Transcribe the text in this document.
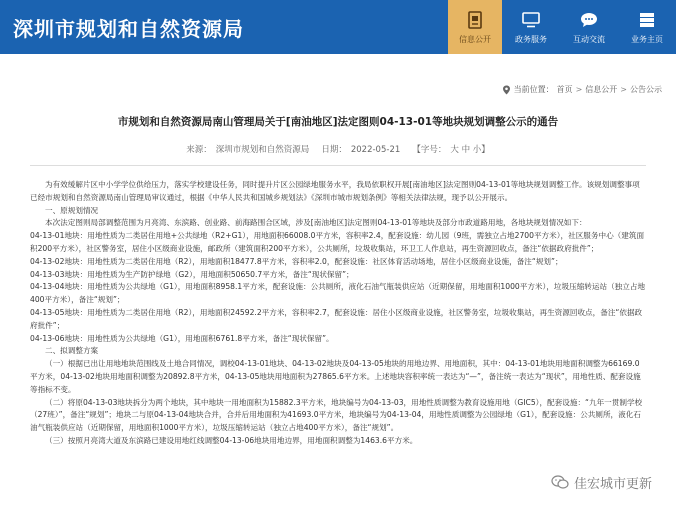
深圳市规划和自然资源局	信息公开	政务服务	互动交流	业务主页
当前位置： 首页 > 信息公开 > 公告公示
市规划和自然资源局南山管理局关于[南油地区]法定图则04-13-01等地块规划调整公示的通告
来源： 深圳市规划和自然资源局 日期： 2022-05-21 【字号： 大 中 小】

为有效缓解片区中小学学位供给压力，落实学校建设任务，同时提升片区公园绿地服务水平，我局依职权开展[南油地区]法定图则04-13-01等地块规划调整工作。该规划调整事项已经市规划和自然资源局南山管理局审议通过，根据《中华人民共和国城乡规划法》《深圳市城市规划条例》等相关法律法规，现予以公开展示。

一、原规划情况

本次法定图则局部调整范围为月亮湾、东滨路、创业路、前海路围合区域，涉及[南油地区]法定图则04-13-01等地块及部分市政道路用地，各地块规划情况如下：

04-13-01地块：用地性质为二类居住用地+公共绿地（R2+G1），用地面积66008.0平方米，容积率2.4，配套设施：幼儿园（9班，需独立占地2700平方米），社区服务中心（建筑面积200平方米），社区警务室，居住小区级商业设施，邮政所（建筑面积200平方米），公共厕所，垃圾收集站，环卫工人作息站，再生资源回收点，备注“依据政府批件”；

04-13-02地块：用地性质为二类居住用地（R2），用地面积18477.8平方米，容积率2.0，配套设施：社区体育活动场地，居住小区级商业设施，备注“规划”；

04-13-03地块：用地性质为生产防护绿地（G2），用地面积50650.7平方米，备注“现状保留”；

04-13-04地块：用地性质为公共绿地（G1），用地面积8958.1平方米，配套设施：公共厕所，液化石油气瓶装供应站（近期保留，用地面积1000平方米），垃圾压缩转运站（独立占地400平方米），备注“规划”；

04-13-05地块：用地性质为二类居住用地（R2），用地面积24592.2平方米，容积率2.7，配套设施：居住小区级商业设施，社区警务室，垃圾收集站，再生资源回收点，备注“依据政府批件”；

04-13-06地块：用地性质为公共绿地（G1），用地面积6761.8平方米，备注“现状保留”。

二、拟调整方案

（一）根据已出让用地地块范围线及土地合同情况，调校04-13-01地块、04-13-02地块及04-13-05地块的用地边界、用地面积，其中：04-13-01地块用地面积调整为66169.0平方米，04-13-02地块用地面积调整为20892.8平方米，04-13-05地块用地面积为27865.6平方米。上述地块容积率统一表达为“—”，备注统一表达为“现状”，用地性质、配套设施等指标不变。

（二）将原04-13-03地块拆分为两个地块，其中地块一用地面积为15882.3平方米，地块编号为04-13-03，用地性质调整为教育设施用地（GIC5），配套设施：“九年一贯制学校（27班）”，备注“规划”；地块二与原04-13-04地块合并，合并后用地面积为41693.0平方米，地块编号为04-13-04，用地性质调整为公园绿地（G1），配套设施：公共厕所，液化石油气瓶装供应站（近期保留，用地面积1000平方米），垃圾压缩转运站（独立占地400平方米），备注“规划”。

（三）按照月亮湾大道及东滨路已建设用地红线调整04-13-06地块用地边界，用地面积调整为1463.6平方米。

佳宏城市更新
